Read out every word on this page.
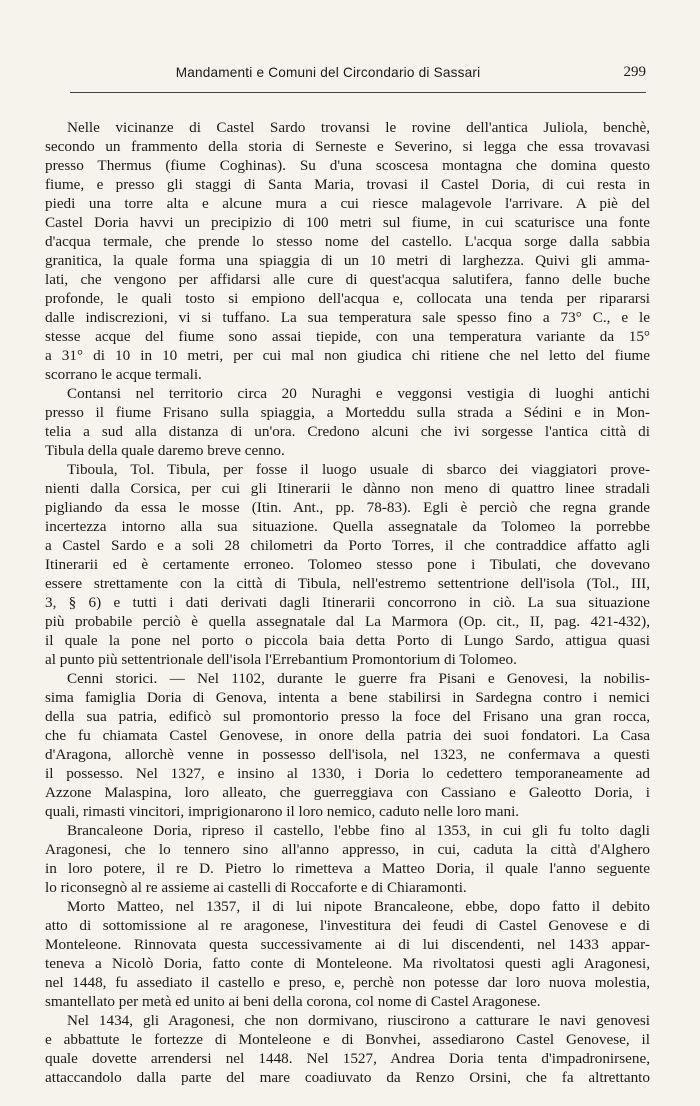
Mandamenti e Comuni del Circondario di Sassari	299
Nelle vicinanze di Castel Sardo trovansi le rovine dell'antica Juliola, benchè,
secondo un frammento della storia di Serneste e Severino, si legga che essa trovavasi
presso Thermus (fiume Coghinas). Su d'una scoscesa montagna che domina questo
fiume, e presso gli staggi di Santa Maria, trovasi il Castel Doria, di cui resta in
piedi una torre alta e alcune mura a cui riesce malagevole l'arrivare. A piè del
Castel Doria havvi un precipizio di 100 metri sul fiume, in cui scaturisce una fonte
d'acqua termale, che prende lo stesso nome del castello. L'acqua sorge dalla sabbia
granitica, la quale forma una spiaggia di un 10 metri di larghezza. Quivi gli amma-
lati, che vengono per affidarsi alle cure di quest'acqua salutifera, fanno delle buche
profonde, le quali tosto si empiono dell'acqua e, collocata una tenda per ripararsi
dalle indiscrezioni, vi si tuffano. La sua temperatura sale spesso fino a 73° C., e le
stesse acque del fiume sono assai tiepide, con una temperatura variante da 15°
a 31° di 10 in 10 metri, per cui mal non giudica chi ritiene che nel letto del fiume
scorrano le acque termali.
Contansi nel territorio circa 20 Nuraghi e veggonsi vestigia di luoghi antichi
presso il fiume Frisano sulla spiaggia, a Morteddu sulla strada a Sédini e in Mon-
telia a sud alla distanza di un'ora. Credono alcuni che ivi sorgesse l'antica città di
Tibula della quale daremo breve cenno.
Tiboula, Tol. Tibula, per fosse il luogo usuale di sbarco dei viaggiatori prove-
nienti dalla Corsica, per cui gli Itinerarii le dànno non meno di quattro linee stradali
pigliando da essa le mosse (Itin. Ant., pp. 78-83). Egli è perciò che regna grande
incertezza intorno alla sua situazione. Quella assegnatale da Tolomeo la porrebbe
a Castel Sardo e a soli 28 chilometri da Porto Torres, il che contraddice affatto agli
Itinerarii ed è certamente erroneo. Tolomeo stesso pone i Tibulati, che dovevano
essere strettamente con la città di Tibula, nell'estremo settentrione dell'isola (Tol., III,
3, § 6) e tutti i dati derivati dagli Itinerarii concorrono in ciò. La sua situazione
più probabile perciò è quella assegnatale dal La Marmora (Op. cit., II, pag. 421-432),
il quale la pone nel porto o piccola baia detta Porto di Lungo Sardo, attigua quasi
al punto più settentrionale dell'isola l'Errebantium Promontorium di Tolomeo.
Cenni storici. — Nel 1102, durante le guerre fra Pisani e Genovesi, la nobilis-
sima famiglia Doria di Genova, intenta a bene stabilirsi in Sardegna contro i nemici
della sua patria, edificò sul promontorio presso la foce del Frisano una gran rocca,
che fu chiamata Castel Genovese, in onore della patria dei suoi fondatori. La Casa
d'Aragona, allorchè venne in possesso dell'isola, nel 1323, ne confermava a questi
il possesso. Nel 1327, e insino al 1330, i Doria lo cedettero temporaneamente ad
Azzone Malaspina, loro alleato, che guerreggiava con Cassiano e Galeotto Doria, i
quali, rimasti vincitori, imprigionarono il loro nemico, caduto nelle loro mani.
Brancaleone Doria, ripreso il castello, l'ebbe fino al 1353, in cui gli fu tolto dagli
Aragonesi, che lo tennero sino all'anno appresso, in cui, caduta la città d'Alghero
in loro potere, il re D. Pietro lo rimetteva a Matteo Doria, il quale l'anno seguente
lo riconsegnò al re assieme ai castelli di Roccaforte e di Chiaramonti.
Morto Matteo, nel 1357, il di lui nipote Brancaleone, ebbe, dopo fatto il debito
atto di sottomissione al re aragonese, l'investitura dei feudi di Castel Genovese e di
Monteleone. Rinnovata questa successivamente ai di lui discendenti, nel 1433 appar-
teneva a Nicolò Doria, fatto conte di Monteleone. Ma rivoltatosi questi agli Aragonesi,
nel 1448, fu assediato il castello e preso, e, perchè non potesse dar loro nuova molestia,
smantellato per metà ed unito ai beni della corona, col nome di Castel Aragonese.
Nel 1434, gli Aragonesi, che non dormivano, riuscirono a catturare le navi genovesi
e abbattute le fortezze di Monteleone e di Bonvhei, assediarono Castel Genovese, il
quale dovette arrendersi nel 1448. Nel 1527, Andrea Doria tenta d'impadronirsene,
attaccandolo dalla parte del mare coadiuvato da Renzo Orsini, che fa altrettanto
